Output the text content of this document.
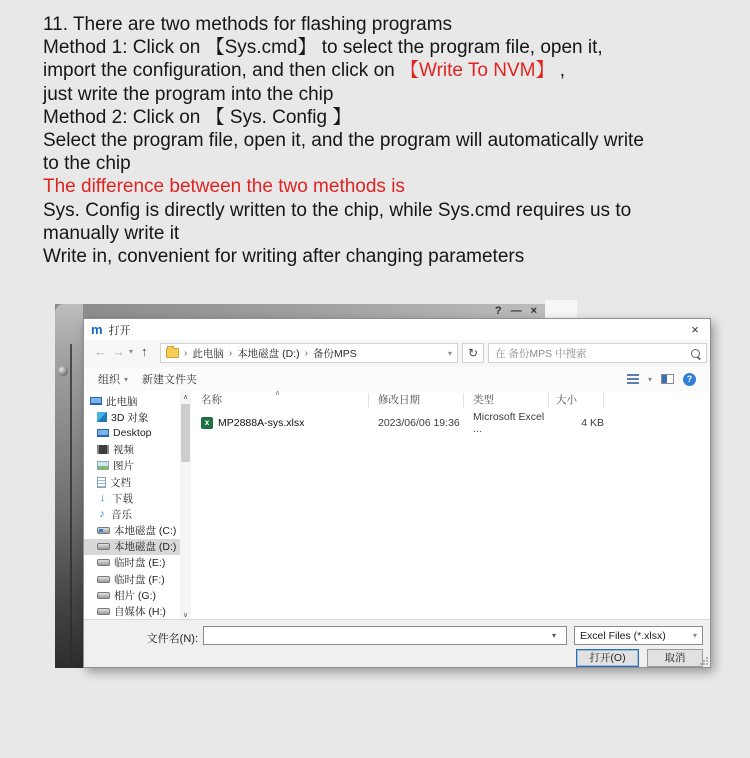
11. There are two methods for flashing programs
Method 1: Click on 【Sys.cmd】 to select the program file, open it,
import the configuration, and then click on 【Write To NVM】 ,
just write the program into the chip
Method 2: Click on 【 Sys. Config 】
Select the program file, open it, and the program will automatically write
to the chip
The difference between the two methods is
Sys. Config is directly written to the chip, while Sys.cmd requires us to
manually write it
Write in, convenient for writing after changing parameters
? — ×
m 打开	×
← → ▾ ↑	› 此电脑 › 本地磁盘 (D:) › 备份MPS	▾	↻	在 备份MPS 中搜索
组织 ▾ 新建文件夹	▾	?
此电脑
3D 对象
Desktop
视频
图片
文档
↓
下载
♪
音乐
本地磁盘 (C:)
本地磁盘 (D:)
临时盘 (E:)
临时盘 (F:)
相片 (G:)
自媒体 (H:)
∧
∨
∧
名称	修改日期	类型	大小
x
MP2888A-sys.xlsx	2023/06/06 19:36	Microsoft Excel ...	4 KB
文件名(N):	▾ Excel Files (*.xlsx)	▾
打开(O)	取消
